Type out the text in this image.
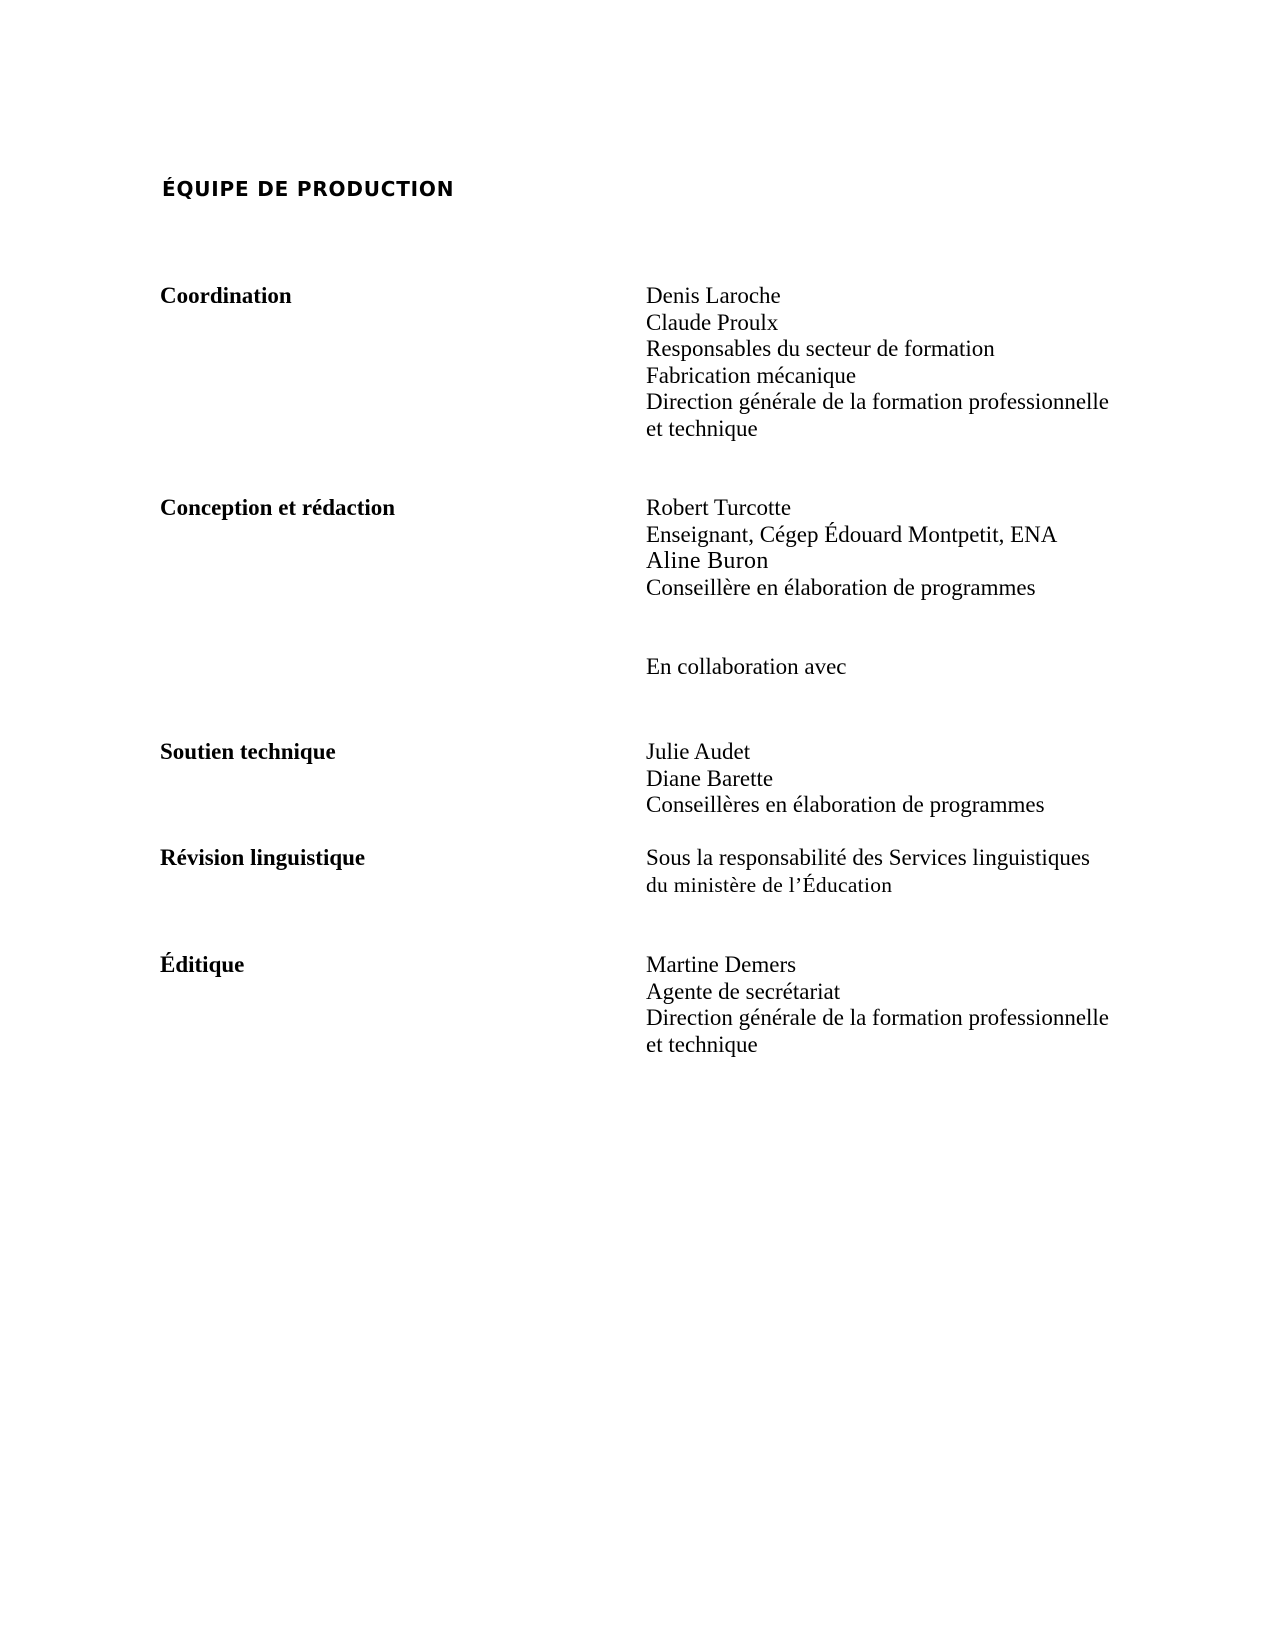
ÉQUIPE DE PRODUCTION
Coordination	Denis Laroche
Claude Proulx
Responsables du secteur de formation
Fabrication mécanique
Direction générale de la formation professionnelle
et technique
Conception et rédaction	Robert Turcotte
Enseignant, Cégep Édouard Montpetit, ENA
Aline Buron
Conseillère en élaboration de programmes
En collaboration avec
Soutien technique	Julie Audet
Diane Barette
Conseillères en élaboration de programmes
Révision linguistique	Sous la responsabilité des Services linguistiques
du ministère de l’Éducation
Éditique	Martine Demers
Agente de secrétariat
Direction générale de la formation professionnelle
et technique
